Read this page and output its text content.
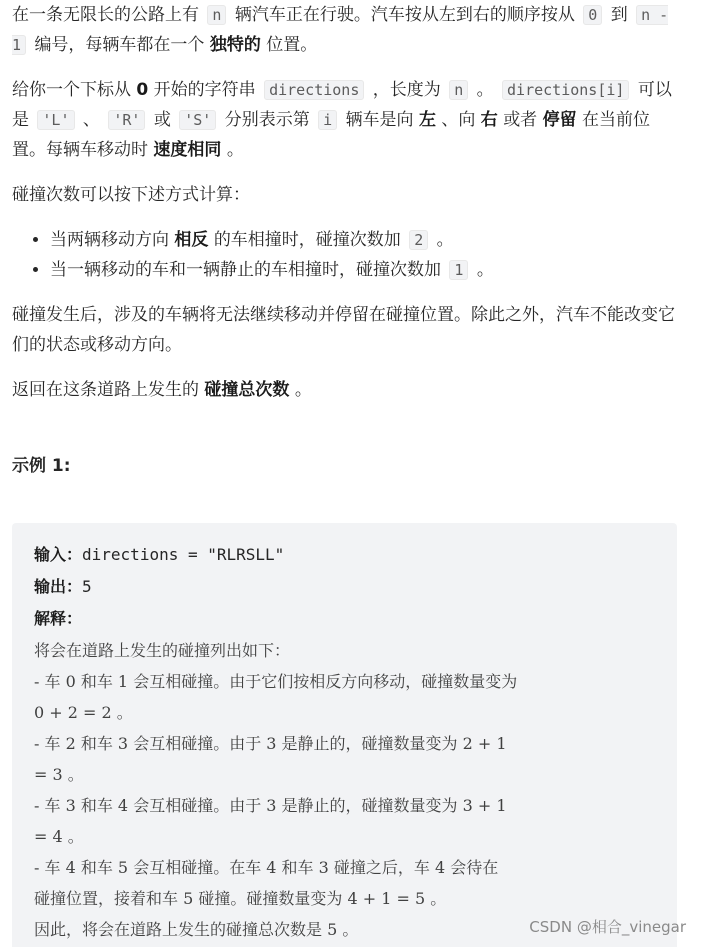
在一条无限长的公路上有 n 辆汽车正在行驶。汽车按从左到右的顺序按从 0 到 n - 1 编号，每辆车都在一个 独特的 位置。

给你一个下标从 0 开始的字符串 directions ，长度为 n 。 directions[i] 可以是 'L' 、 'R' 或 'S' 分别表示第 i 辆车是向 左 、向 右 或者 停留 在当前位置。每辆车移动时 速度相同 。

碰撞次数可以按下述方式计算：

• 当两辆移动方向 相反 的车相撞时，碰撞次数加 2 。
• 当一辆移动的车和一辆静止的车相撞时，碰撞次数加 1 。

碰撞发生后，涉及的车辆将无法继续移动并停留在碰撞位置。除此之外，汽车不能改变它们的状态或移动方向。

返回在这条道路上发生的 碰撞总次数 。

示例 1:
输入：directions = "RLRSLL"
输出：5
解释：
将会在道路上发生的碰撞列出如下：
- 车 0 和车 1 会互相碰撞。由于它们按相反方向移动，碰撞数量变为
0 + 2 = 2 。
- 车 2 和车 3 会互相碰撞。由于 3 是静止的，碰撞数量变为 2 + 1
= 3 。
- 车 3 和车 4 会互相碰撞。由于 3 是静止的，碰撞数量变为 3 + 1
= 4 。
- 车 4 和车 5 会互相碰撞。在车 4 和车 3 碰撞之后，车 4 会待在
碰撞位置，接着和车 5 碰撞。碰撞数量变为 4 + 1 = 5 。
因此，将会在道路上发生的碰撞总次数是 5 。	CSDN @相合_vinegar
